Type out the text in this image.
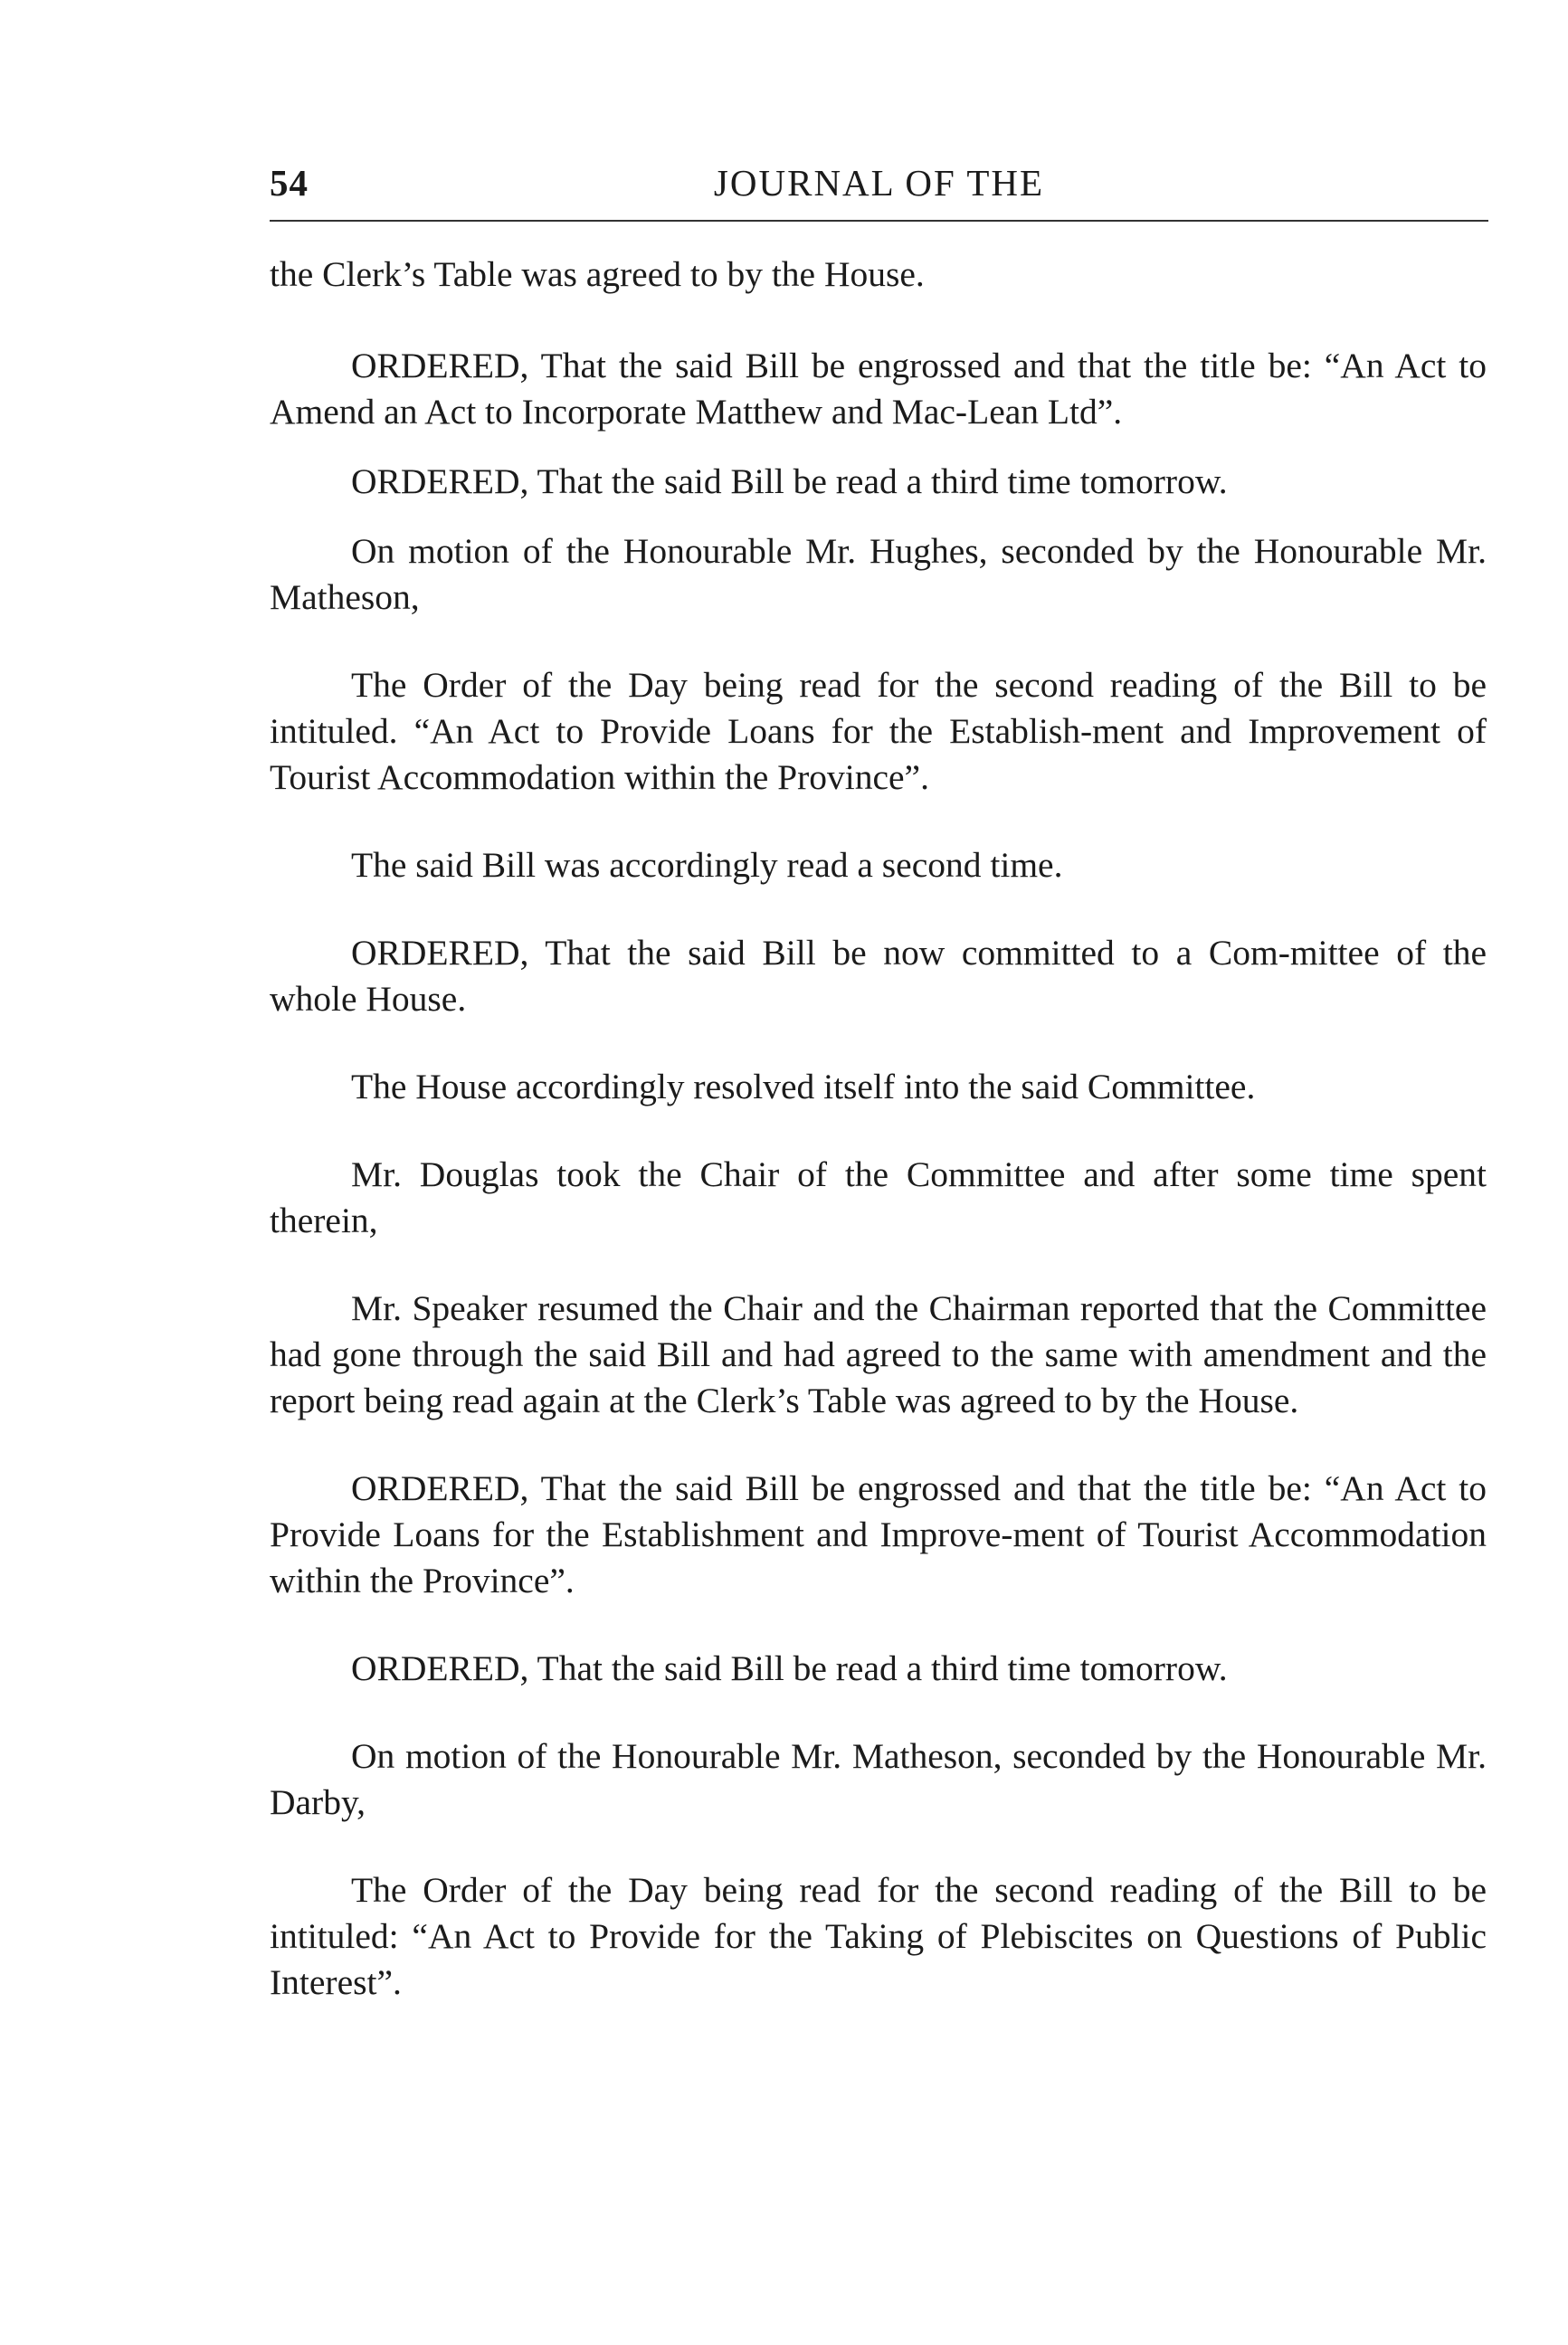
54	JOURNAL OF THE

the Clerk’s Table was agreed to by the House.

ORDERED, That the said Bill be engrossed and that the title be: “An Act to Amend an Act to Incorporate Matthew and Mac-Lean Ltd”.

ORDERED, That the said Bill be read a third time tomorrow.

On motion of the Honourable Mr. Hughes, seconded by the Honourable Mr. Matheson,

The Order of the Day being read for the second reading of the Bill to be intituled. “An Act to Provide Loans for the Establish-ment and Improvement of Tourist Accommodation within the Province”.

The said Bill was accordingly read a second time.

ORDERED, That the said Bill be now committed to a Com-mittee of the whole House.

The House accordingly resolved itself into the said Committee.

Mr. Douglas took the Chair of the Committee and after some time spent therein,

Mr. Speaker resumed the Chair and the Chairman reported that the Committee had gone through the said Bill and had agreed to the same with amendment and the report being read again at the Clerk’s Table was agreed to by the House.

ORDERED, That the said Bill be engrossed and that the title be: “An Act to Provide Loans for the Establishment and Improve-ment of Tourist Accommodation within the Province”.

ORDERED, That the said Bill be read a third time tomorrow.

On motion of the Honourable Mr. Matheson, seconded by the Honourable Mr. Darby,

The Order of the Day being read for the second reading of the Bill to be intituled: “An Act to Provide for the Taking of Plebiscites on Questions of Public Interest”.
